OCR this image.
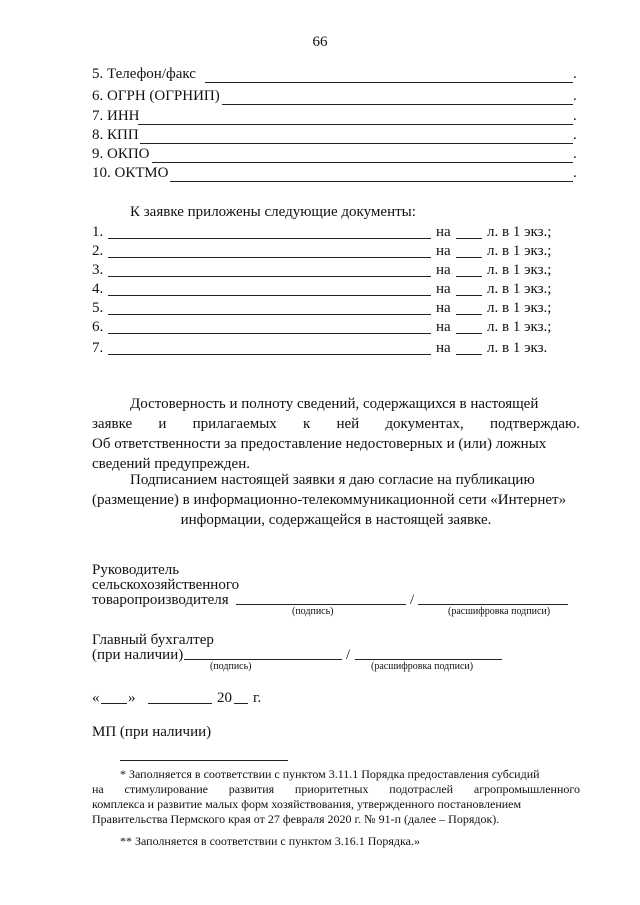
66
5. Телефон/факс	.
6. ОГРН (ОГРНИП)	.
7. ИНН	.
8. КПП	.
9. ОКПО	.
10. ОКТМО	.
К заявке приложены следующие документы:
1.	на л. в 1 экз.;
2.	на л. в 1 экз.;
3.	на л. в 1 экз.;
4.	на л. в 1 экз.;
5.	на л. в 1 экз.;
6.	на л. в 1 экз.;
7.	на л. в 1 экз.
Достоверность и полноту сведений, содержащихся в настоящей
заявке и прилагаемых к ней документах, подтверждаю.
Об ответственности за предоставление недостоверных и (или) ложных
сведений предупрежден.
Подписанием настоящей заявки я даю согласие на публикацию
(размещение) в информационно-телекоммуникационной сети «Интернет»
информации, содержащейся в настоящей заявке.
Руководитель
сельскохозяйственного
товаропроизводителя	/
(подпись)	(расшифровка подписи)
Главный бухгалтер
(при наличии)	/
(подпись)	(расшифровка подписи)
« »	20 г.
МП (при наличии)
* Заполняется в соответствии с пунктом 3.11.1 Порядка предоставления субсидий
на стимулирование развития приоритетных подотраслей агропромышленного
комплекса и развитие малых форм хозяйствования, утвержденного постановлением
Правительства Пермского края от 27 февраля 2020 г. № 91-п (далее – Порядок).
** Заполняется в соответствии с пунктом 3.16.1 Порядка.»
